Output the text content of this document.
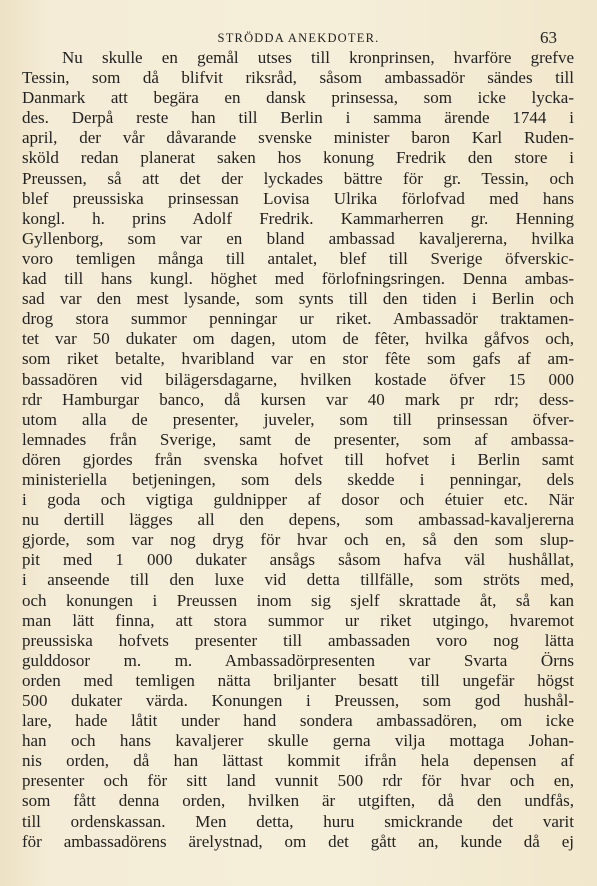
STRÖDDA ANEKDOTER.	63
Nu skulle en gemål utses till kronprinsen, hvarföre grefve
Tessin, som då blifvit riksråd, såsom ambassadör sändes till
Danmark att begära en dansk prinsessa, som icke lycka-
des. Derpå reste han till Berlin i samma ärende 1744 i
april, der vår dåvarande svenske minister baron Karl Ruden-
sköld redan planerat saken hos konung Fredrik den store i
Preussen, så att det der lyckades bättre för gr. Tessin, och
blef preussiska prinsessan Lovisa Ulrika förlofvad med hans
kongl. h. prins Adolf Fredrik. Kammarherren gr. Henning
Gyllenborg, som var en bland ambassad kavaljererna, hvilka
voro temligen många till antalet, blef till Sverige öfverskic-
kad till hans kungl. höghet med förlofningsringen. Denna ambas-
sad var den mest lysande, som synts till den tiden i Berlin och
drog stora summor penningar ur riket. Ambassadör traktamen-
tet var 50 dukater om dagen, utom de fêter, hvilka gåfvos och,
som riket betalte, hvaribland var en stor fête som gafs af am-
bassadören vid bilägersdagarne, hvilken kostade öfver 15 000
rdr Hamburgar banco, då kursen var 40 mark pr rdr; dess-
utom alla de presenter, juveler, som till prinsessan öfver-
lemnades från Sverige, samt de presenter, som af ambassa-
dören gjordes från svenska hofvet till hofvet i Berlin samt
ministeriella betjeningen, som dels skedde i penningar, dels
i goda och vigtiga guldnipper af dosor och étuier etc. När
nu dertill lägges all den depens, som ambassad-kavaljererna
gjorde, som var nog dryg för hvar och en, så den som slup-
pit med 1 000 dukater ansågs såsom hafva väl hushållat,
i anseende till den luxe vid detta tillfälle, som ströts med,
och konungen i Preussen inom sig sjelf skrattade åt, så kan
man lätt finna, att stora summor ur riket utgingo, hvaremot
preussiska hofvets presenter till ambassaden voro nog lätta
gulddosor m. m. Ambassadörpresenten var Svarta Örns
orden med temligen nätta briljanter besatt till ungefär högst
500 dukater värda. Konungen i Preussen, som god hushål-
lare, hade låtit under hand sondera ambassadören, om icke
han och hans kavaljerer skulle gerna vilja mottaga Johan-
nis orden, då han lättast kommit ifrån hela depensen af
presenter och för sitt land vunnit 500 rdr för hvar och en,
som fått denna orden, hvilken är utgiften, då den undfås,
till ordenskassan. Men detta, huru smickrande det varit
för ambassadörens ärelystnad, om det gått an, kunde då ej
